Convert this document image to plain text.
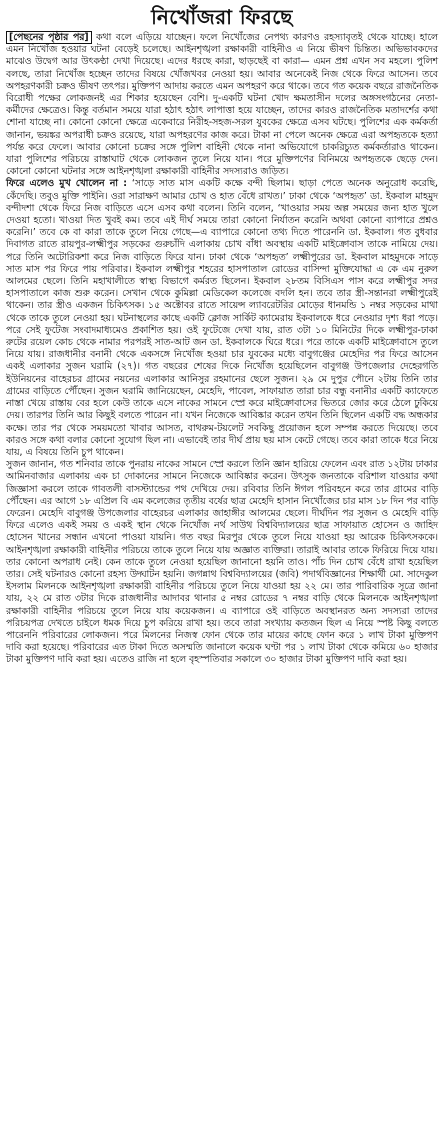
নিখোঁজরা ফিরছে

[পেছনের পৃষ্ঠার পর] কথা বলে এড়িয়ে যাচ্ছেন। ফলে নিখোঁজের নেপথ্য কারণও রহস্যাবৃতই থেকে যাচ্ছে। হালে এমন নিখোঁজ হওয়ার ঘটনা বেড়েই চলেছে। আইনশৃঙ্খলা রক্ষাকারী বাহিনীও এ নিয়ে ভীষণ চিন্তিত। অভিভাবকদের মাঝেও উদ্বেগ আর উৎকণ্ঠা দেখা দিয়েছে। এদের ধরছে কারা, ছাড়ছেই বা কারা— এমন প্রশ্ন এখন সব মহলে। পুলিশ বলছে, তারা নিখোঁজ হচ্ছেন তাদের বিষয়ে খোঁজখবর নেওয়া হয়। আবার অনেকেই নিজ থেকে ফিরে আসেন। তবে অপহরণকারী চক্রও ভীষণ তৎপর। মুক্তিপণ আদায় করতে এমন অপহরণ করে থাকে। তবে গত কয়েক বছরে রাজনৈতিক বিরোধী পক্ষের লোকজনই এর শিকার হয়েছেন বেশি। দু-একটি ঘটনা খোদ ক্ষমতাসীন দলের অঙ্গসংগঠনের নেতা-কর্মীদের ক্ষেত্রেও। কিন্তু বর্তমান সময়ে যারা হঠাৎ হঠাৎ লাপাত্তা হয়ে যাচ্ছেন, তাদের কারও রাজনৈতিক মতাদর্শের কথা শোনা যাচ্ছে না। কোনো কোনো ক্ষেত্রে একেবারে নিরীহ-সহজ-সরল যুবকের ক্ষেত্রে এসব ঘটছে। পুলিশের এক কর্মকর্তা জানান, ভয়ঙ্কর অপরাধী চক্রও রয়েছে, যারা অপহরণের কাজ করে। টাকা না পেলে অনেক ক্ষেত্রে এরা অপহৃতকে হত্যা পর্যন্ত করে ফেলে। আবার কোনো চক্রের সঙ্গে পুলিশ বাহিনী থেকে নানা অভিযোগে চাকরিচ্যুত কর্মকর্তারাও থাকেন। যারা পুলিশের পরিচয়ে রাস্তাঘাট থেকে লোকজন তুলে নিয়ে যান। পরে মুক্তিপণের বিনিময়ে অপহৃতকে ছেড়ে দেন। কোনো কোনো ঘটনার সঙ্গে আইনশৃঙ্খলা রক্ষাকারী বাহিনীর সদস্যরাও জড়িত।

ফিরে এলেও মুখ খোলেন না : ‘সাড়ে সাত মাস একটি কক্ষে বন্দী ছিলাম। ছাড়া পেতে অনেক অনুরোধ করেছি, কেঁদেছি। তবুও মুক্তি পাইনি। ওরা সারাক্ষণ আমার চোখ ও হাত বেঁধে রাখত।’ ঢাকা থেকে ‘অপহৃত’ ডা. ইকবাল মাহমুদ বন্দীদশা থেকে ফিরে নিজ বাড়িতে এসে এসব কথা বলেন। তিনি বলেন, ‘খাওয়ার সময় অল্প সময়ের জন্য হাত খুলে দেওয়া হতো। খাওয়া দিত খুবই কম। তবে এই দীর্ঘ সময়ে তারা কোনো নির্যাতন করেনি অথবা কোনো ব্যাপারে প্রশ্নও করেনি।’ তবে কে বা কারা তাকে তুলে নিয়ে গেছে—এ ব্যাপারে কোনো তথ্য দিতে পারেননি ডা. ইকবাল। গত বুধবার দিবাগত রাতে রায়পুর-লক্ষ্মীপুর সড়কের গুরুচাঁদি এলাকায় চোখ বাঁধা অবস্থায় একটি মাইক্রোবাস তাকে নামিয়ে দেয়। পরে তিনি অটোরিকশা করে নিজ বাড়িতে ফিরে যান। ঢাকা থেকে ‘অপহৃত’ লক্ষ্মীপুরের ডা. ইকবাল মাহমুদকে সাড়ে সাত মাস পর ফিরে পায় পরিবার। ইকবাল লক্ষ্মীপুর শহরের হাসপাতাল রোডের বাসিন্দা মুক্তিযোদ্ধা এ কে এম নুরুল আলমের ছেলে। তিনি মহাখালীতে স্বাস্থ্য বিভাগে কর্মরত ছিলেন। ইকবাল ২৮তম বিসিএস পাস করে লক্ষ্মীপুর সদর হাসপাতালে কাজ শুরু করেন। সেখান থেকে কুমিল্লা মেডিকেল কলেজে বদলি হন। তবে তার স্ত্রী-সন্তানরা লক্ষ্মীপুরেই থাকেন। তার স্ত্রীও একজন চিকিৎসক। ১৫ অক্টোবর রাতে সায়েন্স ল্যাবরেটরির মোড়ের ধানমন্ডি ১ নম্বর সড়কের মাথা থেকে তাকে তুলে নেওয়া হয়। ঘটনাস্থলের কাছে একটি ক্লোজ সার্কিট ক্যামেরায় ইকবালকে ধরে নেওয়ার দৃশ্য ধরা পড়ে। পরে সেই ফুটেজ সংবাদমাধ্যমেও প্রকাশিত হয়। ওই ফুটেজে দেখা যায়, রাত ৩টা ১০ মিনিটের দিকে লক্ষ্মীপুর-ঢাকা রুটের রয়েল কোচ থেকে নামার পরপরই সাত-আট জন ডা. ইকবালকে ঘিরে ধরে। পরে তাকে একটি মাইক্রোবাসে তুলে নিয়ে যায়। রাজধানীর বনানী থেকে একসঙ্গে নিখোঁজ হওয়া চার যুবকের মধ্যে বাবুগঞ্জের মেহেদির পর ফিরে আসেন একই এলাকার সুজন ঘরামি (২৭)। গত বছরের শেষের দিকে নিখোঁজ হয়েছিলেন বাবুগঞ্জ উপজেলার দেহেরগতি ইউনিয়নের বাহেরচর গ্রামের নয়নের এলাকার আনিসুর রহমানের ছেলে সুজন। ২৯ মে দুপুর পৌনে ২টায় তিনি তার গ্রামের বাড়িতে পৌঁছেন। সুজন ঘরামি জানিয়েছেন, মেহেদি, পাবেল, সাফায়াত তারা চার বন্ধু বনানীর একটি ক্যাফেতে নাস্তা খেয়ে রাস্তায় বের হলে কেউ তাকে এসে নাকের সামনে স্প্রে করে মাইক্রোবাসের ভিতরে জোর করে ঠেলে ঢুকিয়ে দেয়। তারপর তিনি আর কিছুই বলতে পারেন না। যখন নিজেকে আবিষ্কার করেন তখন তিনি ছিলেন একটি বদ্ধ অন্ধকার কক্ষে। তার পর থেকে সময়মতো খাবার আসত, বাথরুম-টয়লেট সবকিছু প্রয়োজন হলে সম্পন্ন করতে দিয়েছে। তবে কারও সঙ্গে কথা বলার কোনো সুযোগ ছিল না। এভাবেই তার দীর্ঘ প্রায় ছয় মাস কেটে গেছে। তবে কারা তাকে ধরে নিয়ে যায়, এ বিষয়ে তিনি চুপ থাকেন।

সুজন জানান, গত শনিবার তাকে পুনরায় নাকের সামনে স্প্রে করলে তিনি জ্ঞান হারিয়ে ফেলেন এবং রাত ১২টায় ঢাকার আমিনবাজার এলাকায় এক চা দোকানের সামনে নিজেকে আবিষ্কার করেন। উৎসুক জনতাকে বরিশাল যাওয়ার কথা জিজ্ঞাসা করলে তাকে গাবতলী বাসস্ট্যান্ডের পথ দেখিয়ে দেয়। রবিবার তিনি ঈগল পরিবহনে করে তার গ্রামের বাড়ি পৌঁছেন। এর আগে ১৮ এপ্রিল বি এম কলেজের তৃতীয় বর্ষের ছাত্র মেহেদি হাসান নিখোঁজের চার মাস ১৮ দিন পর বাড়ি ফেরেন। মেহেদি বাবুগঞ্জ উপজেলার বাহেরচর এলাকার জাহাঙ্গীর আলমের ছেলে। দীর্ঘদিন পর সুজন ও মেহেদি বাড়ি ফিরে এলেও একই সময় ও একই স্থান থেকে নিখোঁজ নর্থ সাউথ বিশ্ববিদ্যালয়ের ছাত্র সাফায়াত হোসেন ও জাহিদ হোসেন খানের সন্ধান এখনো পাওয়া যায়নি। গত বছর মিরপুর থেকে তুলে নিয়ে যাওয়া হয় আরেক চিকিৎসককে। আইনশৃঙ্খলা রক্ষাকারী বাহিনীর পরিচয়ে তাকে তুলে নিয়ে যায় অজ্ঞাত ব্যক্তিরা। তারাই আবার তাকে ফিরিয়ে দিয়ে যায়। তার কোনো অপরাধ নেই। কেন তাকে তুলে নেওয়া হয়েছিল জানানো হয়নি তাও। পাঁচ দিন চোখ বেঁধে রাখা হয়েছিল তার। সেই ঘটনারও কোনো রহস্য উদ্ঘাটন হয়নি। জগন্নাথ বিশ্ববিদ্যালয়ের (জবি) পদার্থবিজ্ঞানের শিক্ষার্থী মো. সাদেকুল ইসলাম মিলনকে আইনশৃঙ্খলা রক্ষাকারী বাহিনীর পরিচয়ে তুলে নিয়ে যাওয়া হয় ২২ মে। তার পারিবারিক সূত্রে জানা যায়, ২২ মে রাত ৩টার দিকে রাজধানীর আদাবর থানার ৫ নম্বর রোডের ৭ নম্বর বাড়ি থেকে মিলনকে আইনশৃঙ্খলা রক্ষাকারী বাহিনীর পরিচয়ে তুলে নিয়ে যায় কয়েকজন। এ ব্যাপারে ওই বাড়িতে অবস্থানরত অন্য সদস্যরা তাদের পরিচয়পত্র দেখতে চাইলে ধমক দিয়ে চুপ করিয়ে রাখা হয়। তবে তারা সংখ্যায় কতজন ছিল এ নিয়ে স্পষ্ট কিছু বলতে পারেননি পরিবারের লোকজন। পরে মিলনের নিজস্ব ফোন থেকে তার মায়ের কাছে ফোন করে ১ লাখ টাকা মুক্তিপণ দাবি করা হয়েছে। পরিবারের এত টাকা দিতে অসম্মতি জানালে কয়েক ঘণ্টা পর ১ লাখ টাকা থেকে কমিয়ে ৬০ হাজার টাকা মুক্তিপণ দাবি করা হয়। এতেও রাজি না হলে বৃহস্পতিবার সকালে ৩০ হাজার টাকা মুক্তিপণ দাবি করা হয়।
